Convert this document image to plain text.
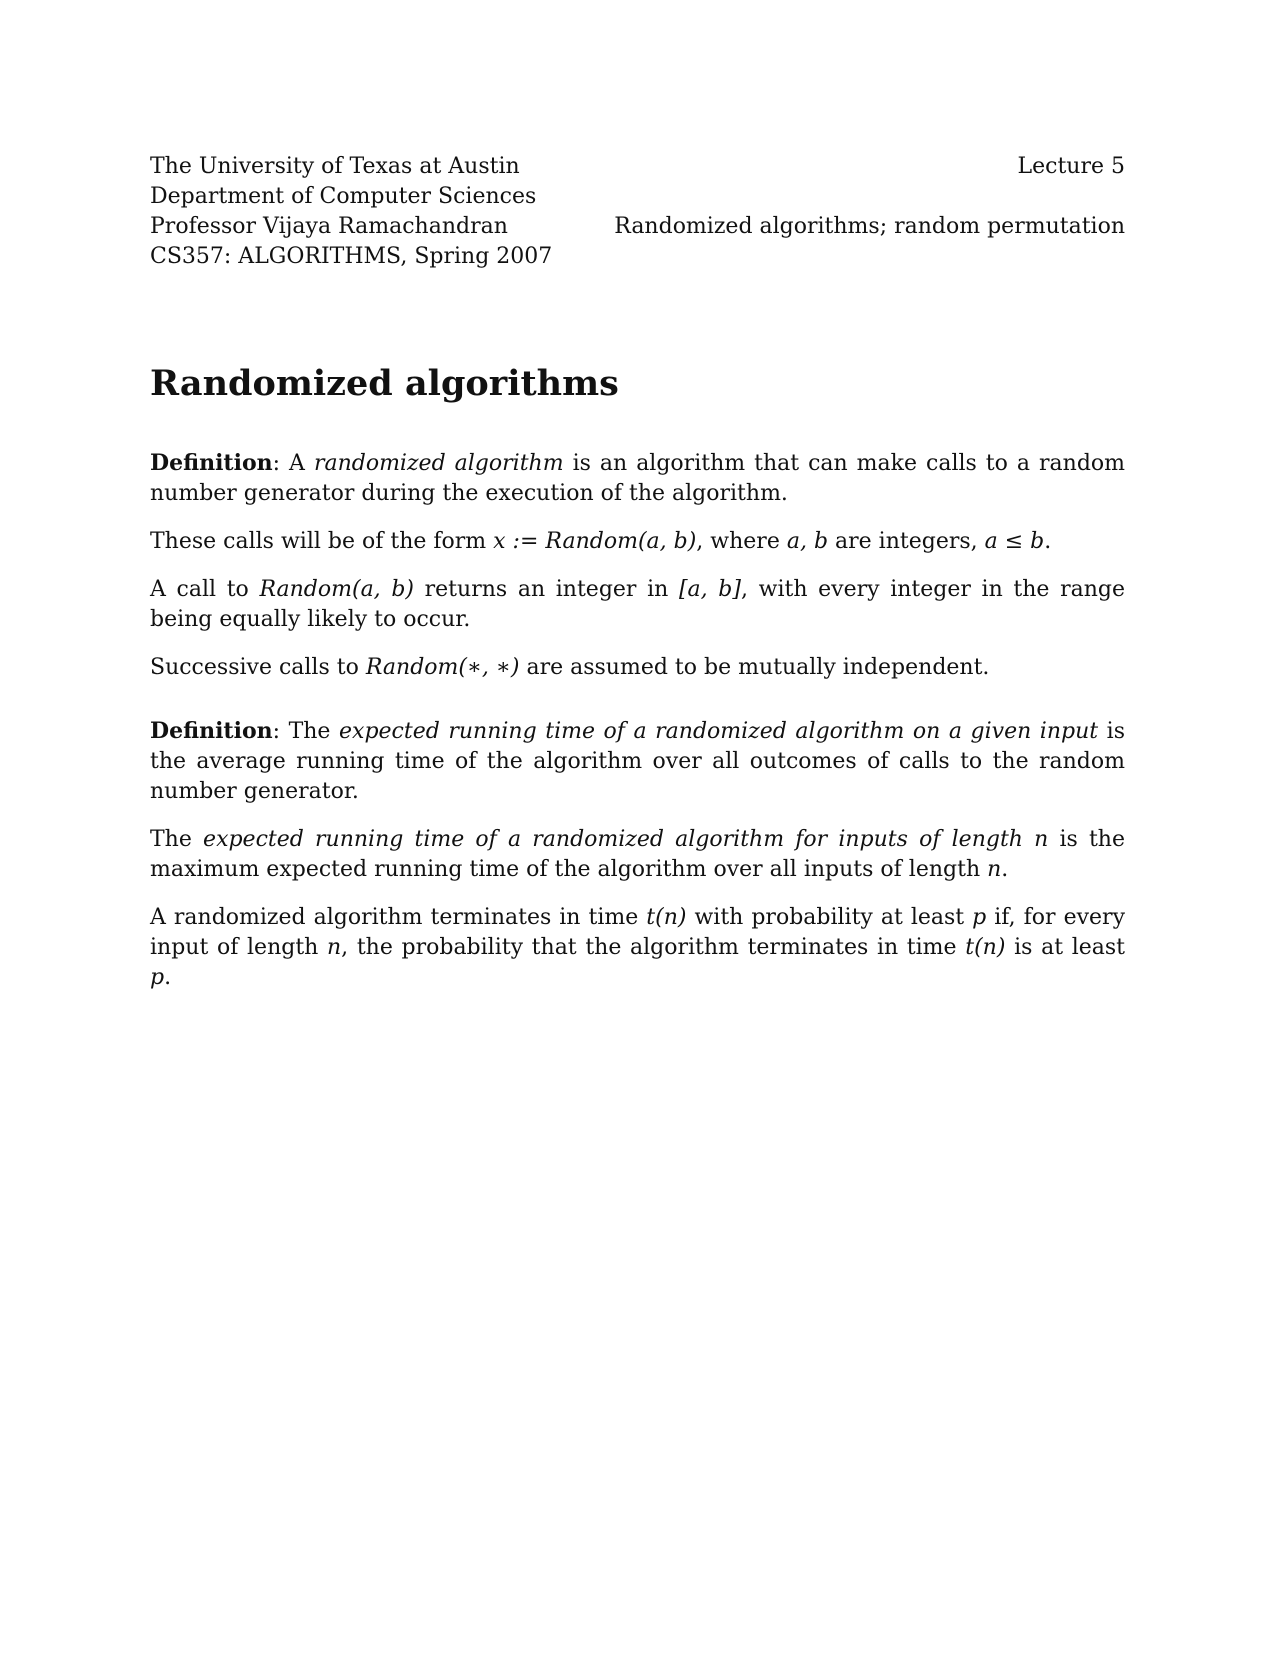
The University of Texas at Austin
Department of Computer Sciences
Professor Vijaya Ramachandran
CS357: ALGORITHMS, Spring 2007
Lecture 5
Randomized algorithms; random permutation
Randomized algorithms

Definition: A randomized algorithm is an algorithm that can make calls to a random number generator during the execution of the algorithm.

These calls will be of the form x := Random(a, b), where a, b are integers, a ≤ b.

A call to Random(a, b) returns an integer in [a, b], with every integer in the range being equally likely to occur.

Successive calls to Random(∗, ∗) are assumed to be mutually independent.

Definition: The expected running time of a randomized algorithm on a given input is the average running time of the algorithm over all outcomes of calls to the random number generator.

The expected running time of a randomized algorithm for inputs of length n is the maximum expected running time of the algorithm over all inputs of length n.

A randomized algorithm terminates in time t(n) with probability at least p if, for every input of length n, the probability that the algorithm terminates in time t(n) is at least p.
